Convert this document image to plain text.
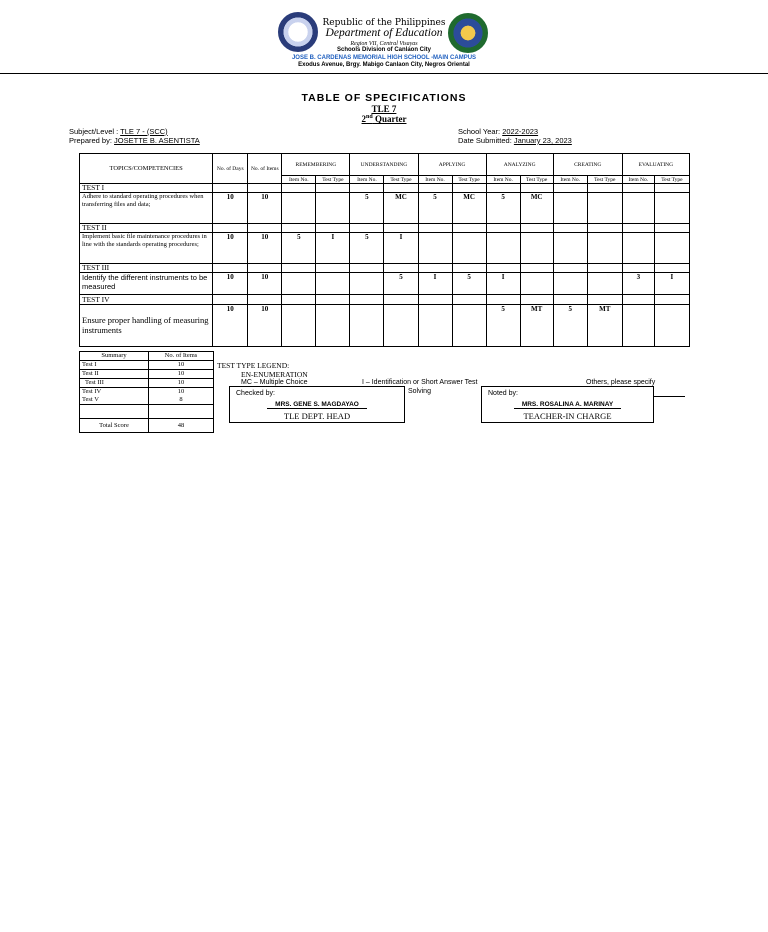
Republic of the Philippines
Department of Education
Region VII, Central Visayas
Schools Division of Canlaon City
JOSE B. CARDENAS MEMORIAL HIGH SCHOOL -MAIN CAMPUS
Exodus Avenue, Brgy. Mabigo Canlaon City, Negros Oriental
TABLE OF SPECIFICATIONS
TLE 7
2nd Quarter
Subject/Level : TLE 7 - (SCC)
Prepared by: JOSETTE B. ASENTISTA
School Year: 2022-2023
Date Submitted: January 23, 2023
TOPICS/COMPETENCIES	No. of Days	No. of Items	REMEMBERING		UNDERSTANDING		APPLYING		ANALYZING		CREATING		EVALUATING	
			Item No.	Test Type	Item No.	Test Type	Item No.	Test Type	Item No.	Test Type	Item No.	Test Type	Item No.	Test Type
TEST I														
Adhere to standard operating procedures when transferring files and data;	10	10			5	MC	5	MC	5	MC				
TEST II														
Implement basic file maintenance procedures in line with the standards operating procedures;	10	10	5	I	5	I								
TEST III														
Identify the different instruments to be measured	10	10				5	I	5	I				3	I
TEST IV														
Ensure proper handling of measuring instruments	10	10							5	MT	5	MT		
Summary	No. of Items
Test I	10
Test II	10
Test III	10
Test IV	10
Test V	8

Total Score	48
TEST TYPE LEGEND:
EN-ENUMERATION
MC – Multiple Choice	I – Identification or Short Answer Test
Solving
Others, please specify
Checked by:
MRS. GENE S. MAGDAYAO
TLE DEPT. HEAD
Noted by:
MRS. ROSALINA A. MARINAY
TEACHER-IN CHARGE
